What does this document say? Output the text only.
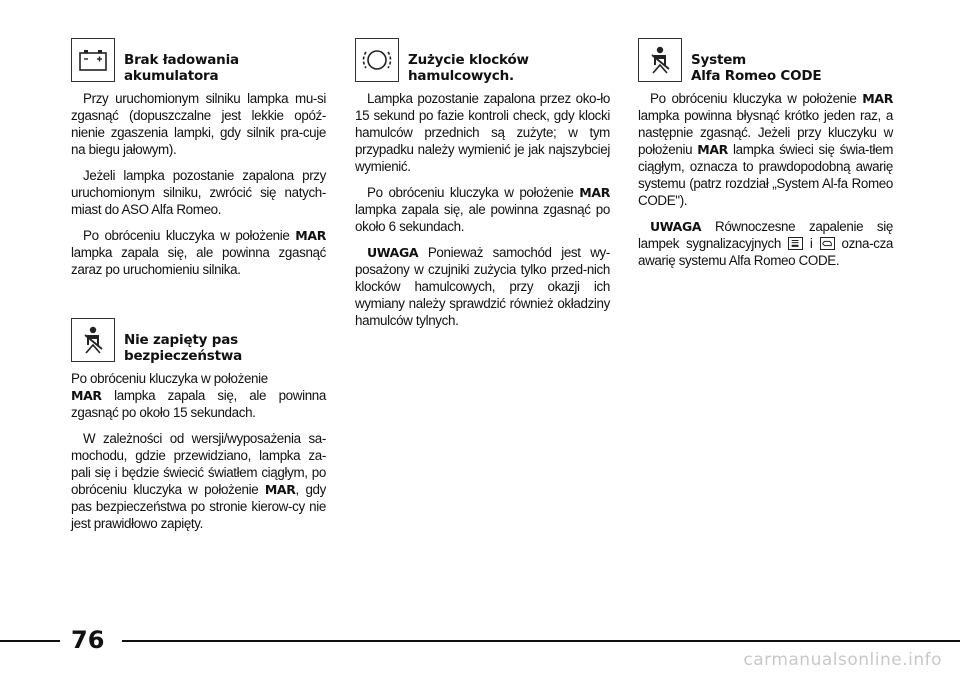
Brak ładowania
akumulatora

Przy uruchomionym silniku lampka mu-si zgasnąć (dopuszczalne jest lekkie opóź-nienie zgaszenia lampki, gdy silnik pra-cuje na biegu jałowym).

Jeżeli lampka pozostanie zapalona przy uruchomionym silniku, zwrócić się natych-miast do ASO Alfa Romeo.

Po obróceniu kluczyka w położenie MAR lampka zapala się, ale powinna zgasnąć zaraz po uruchomieniu silnika.

Nie zapięty pas
bezpieczeństwa

Po obróceniu kluczyka w położenie
MAR lampka zapala się, ale powinna zgasnąć po około 15 sekundach.

W zależności od wersji/wyposażenia sa-mochodu, gdzie przewidziano, lampka za-pali się i będzie świecić światłem ciągłym, po obróceniu kluczyka w położenie MAR, gdy pas bezpieczeństwa po stronie kierow-cy nie jest prawidłowo zapięty.

Zużycie klocków
hamulcowych.

Lampka pozostanie zapalona przez oko-ło 15 sekund po fazie kontroli check, gdy klocki hamulców przednich są zużyte; w tym przypadku należy wymienić je jak najszybciej wymienić.

Po obróceniu kluczyka w położenie MAR lampka zapala się, ale powinna zgasnąć po około 6 sekundach.

UWAGA Ponieważ samochód jest wy-posażony w czujniki zużycia tylko przed-nich klocków hamulcowych, przy okazji ich wymiany należy sprawdzić również okładziny hamulców tylnych.

System
Alfa Romeo CODE

Po obróceniu kluczyka w położenie MAR lampka powinna błysnąć krótko jeden raz, a następnie zgasnąć. Jeżeli przy kluczyku w położeniu MAR lampka świeci się świa-tłem ciągłym, oznacza to prawdopodobną awarię systemu (patrz rozdział „System Al-fa Romeo CODE").

UWAGA Równoczesne zapalenie się lampek sygnalizacyjnych
i
ozna-cza awarię systemu Alfa Romeo CODE.

76
carmanualsonline.info
